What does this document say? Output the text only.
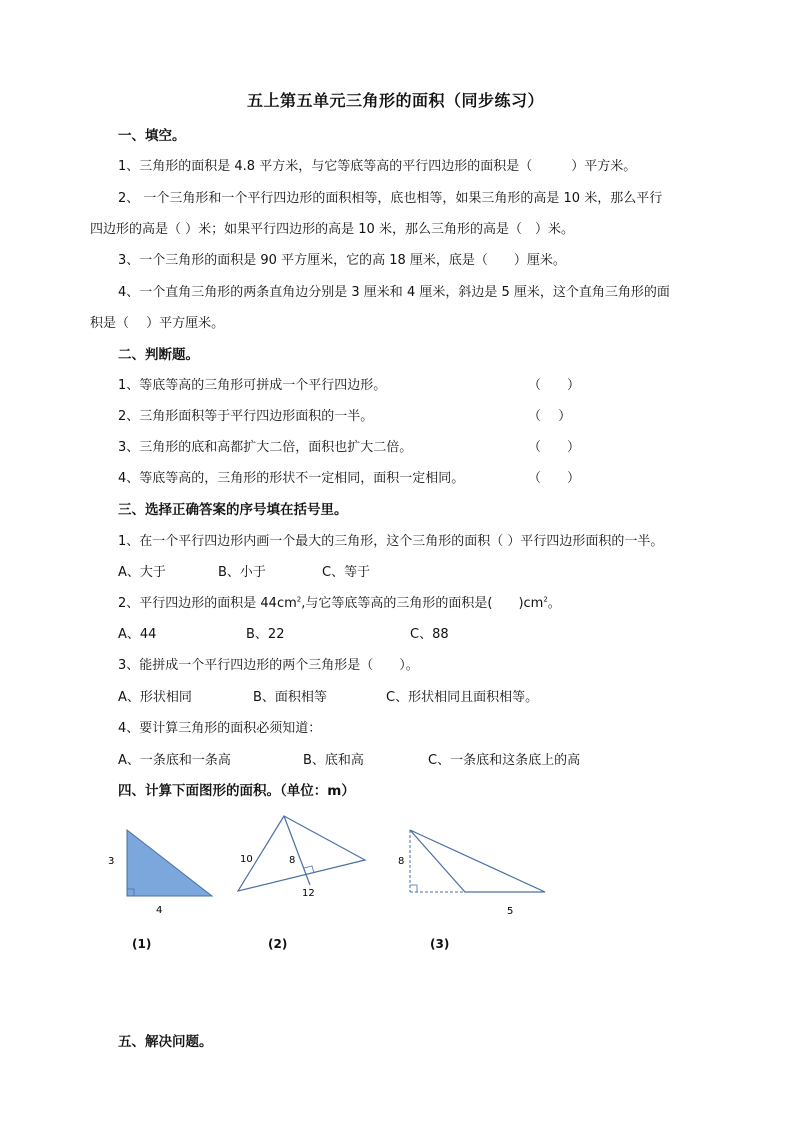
五上第五单元三角形的面积（同步练习）
一、填空。
1、三角形的面积是 4.8 平方米，与它等底等高的平行四边形的面积是（　　　）平方米。
2、 一个三角形和一个平行四边形的面积相等，底也相等，如果三角形的高是 10 米，那么平行
四边形的高是（ ）米；如果平行四边形的高是 10 米，那么三角形的高是（　）米。
3、一个三角形的面积是 90 平方厘米，它的高 18 厘米，底是（　　）厘米。
4、一个直角三角形的两条直角边分别是 3 厘米和 4 厘米，斜边是 5 厘米，这个直角三角形的面
积是（　 ）平方厘米。
二、判断题。
1、等底等高的三角形可拼成一个平行四边形。	（　　）
2、三角形面积等于平行四边形面积的一半。	（　 ）
3、三角形的底和高都扩大二倍，面积也扩大二倍。	（　　）
4、等底等高的，三角形的形状不一定相同，面积一定相同。	（　　）
三、选择正确答案的序号填在括号里。
1、在一个平行四边形内画一个最大的三角形，这个三角形的面积（ ）平行四边形面积的一半。
A、大于	B、小于	C、等于
2、平行四边形的面积是 $44cm^2$,与它等底等高的三角形的面积是(　　)$cm^2$。
A、44	B、22	C、88
3、能拼成一个平行四边形的两个三角形是（　　）。
A、形状相同	B、面积相等	C、形状相同且面积相等。
4、要计算三角形的面积必须知道：
A、一条底和一条高	B、底和高	C、一条底和这条底上的高
四、计算下面图形的面积。（单位：m）
3
4
10	8
12
8
5
(1)	(2)	(3)
五、解决问题。
